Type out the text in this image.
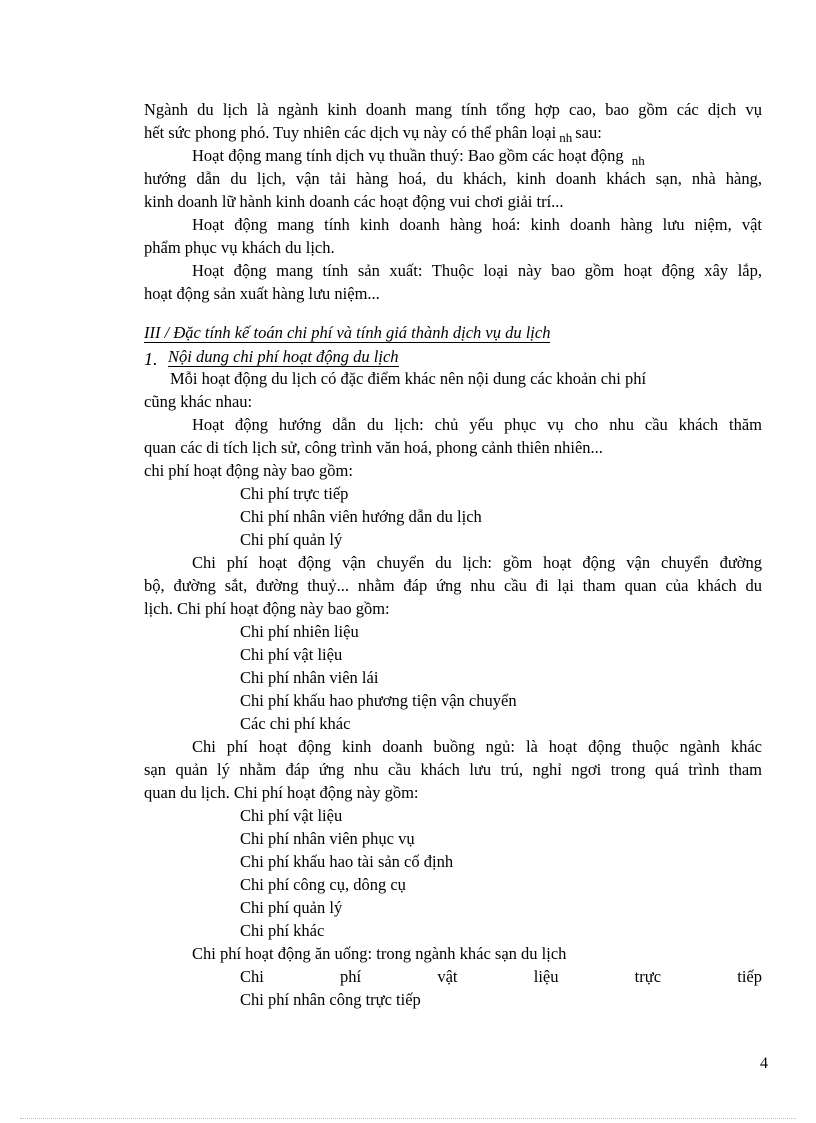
Ngành du lịch là ngành kinh doanh mang tính tổng hợp cao, bao gồm các dịch vụ
hết sức phong phó. Tuy nhiên các dịch vụ này có thể phân loại $_{nh}$ sau:
Hoạt động mang tính dịch vụ thuần thuý: Bao gồm các hoạt động $_{nh}$
hướng dẫn du lịch, vận tải hàng hoá, du khách, kinh doanh khách sạn, nhà hàng,
kinh doanh lữ hành kinh doanh các hoạt động vui chơi giải trí...
Hoạt động mang tính kinh doanh hàng hoá: kinh doanh hàng lưu niệm, vật
phẩm phục vụ khách du lịch.
Hoạt động mang tính sản xuất: Thuộc loại này bao gồm hoạt động xây lắp,
hoạt động sản xuất hàng lưu niệm...
III / Đặc tính kế toán chi phí và tính giá thành dịch vụ du lịch
1. Nội dung chi phí hoạt động du lịch
Mỗi hoạt động du lịch có đặc điểm khác nên nội dung các khoản chi phí
cũng khác nhau:
Hoạt động hướng dẫn du lịch: chủ yếu phục vụ cho nhu cầu khách thăm
quan các di tích lịch sử, công trình văn hoá, phong cảnh thiên nhiên...
chi phí hoạt động này bao gồm:
Chi phí trực tiếp
Chi phí nhân viên hướng dẫn du lịch
Chi phí quản lý
Chi phí hoạt động vận chuyển du lịch: gồm hoạt động vận chuyển đường
bộ, đường sắt, đường thuỷ... nhằm đáp ứng nhu cầu đi lại tham quan của khách du
lịch. Chi phí hoạt động này bao gồm:
Chi phí nhiên liệu
Chi phí vật liệu
Chi phí nhân viên lái
Chi phí khấu hao phương tiện vận chuyển
Các chi phí khác
Chi phí hoạt động kinh doanh buồng ngủ: là hoạt động thuộc ngành khác
sạn quản lý nhằm đáp ứng nhu cầu khách lưu trú, nghỉ ngơi trong quá trình tham
quan du lịch. Chi phí hoạt động này gồm:
Chi phí vật liệu
Chi phí nhân viên phục vụ
Chi phí khấu hao tài sản cố định
Chi phí công cụ, dông cụ
Chi phí quản lý
Chi phí khác
Chi phí hoạt động ăn uống: trong ngành khác sạn du lịch
Chi phí vật liệu trực tiếp
Chi phí nhân công trực tiếp
4
